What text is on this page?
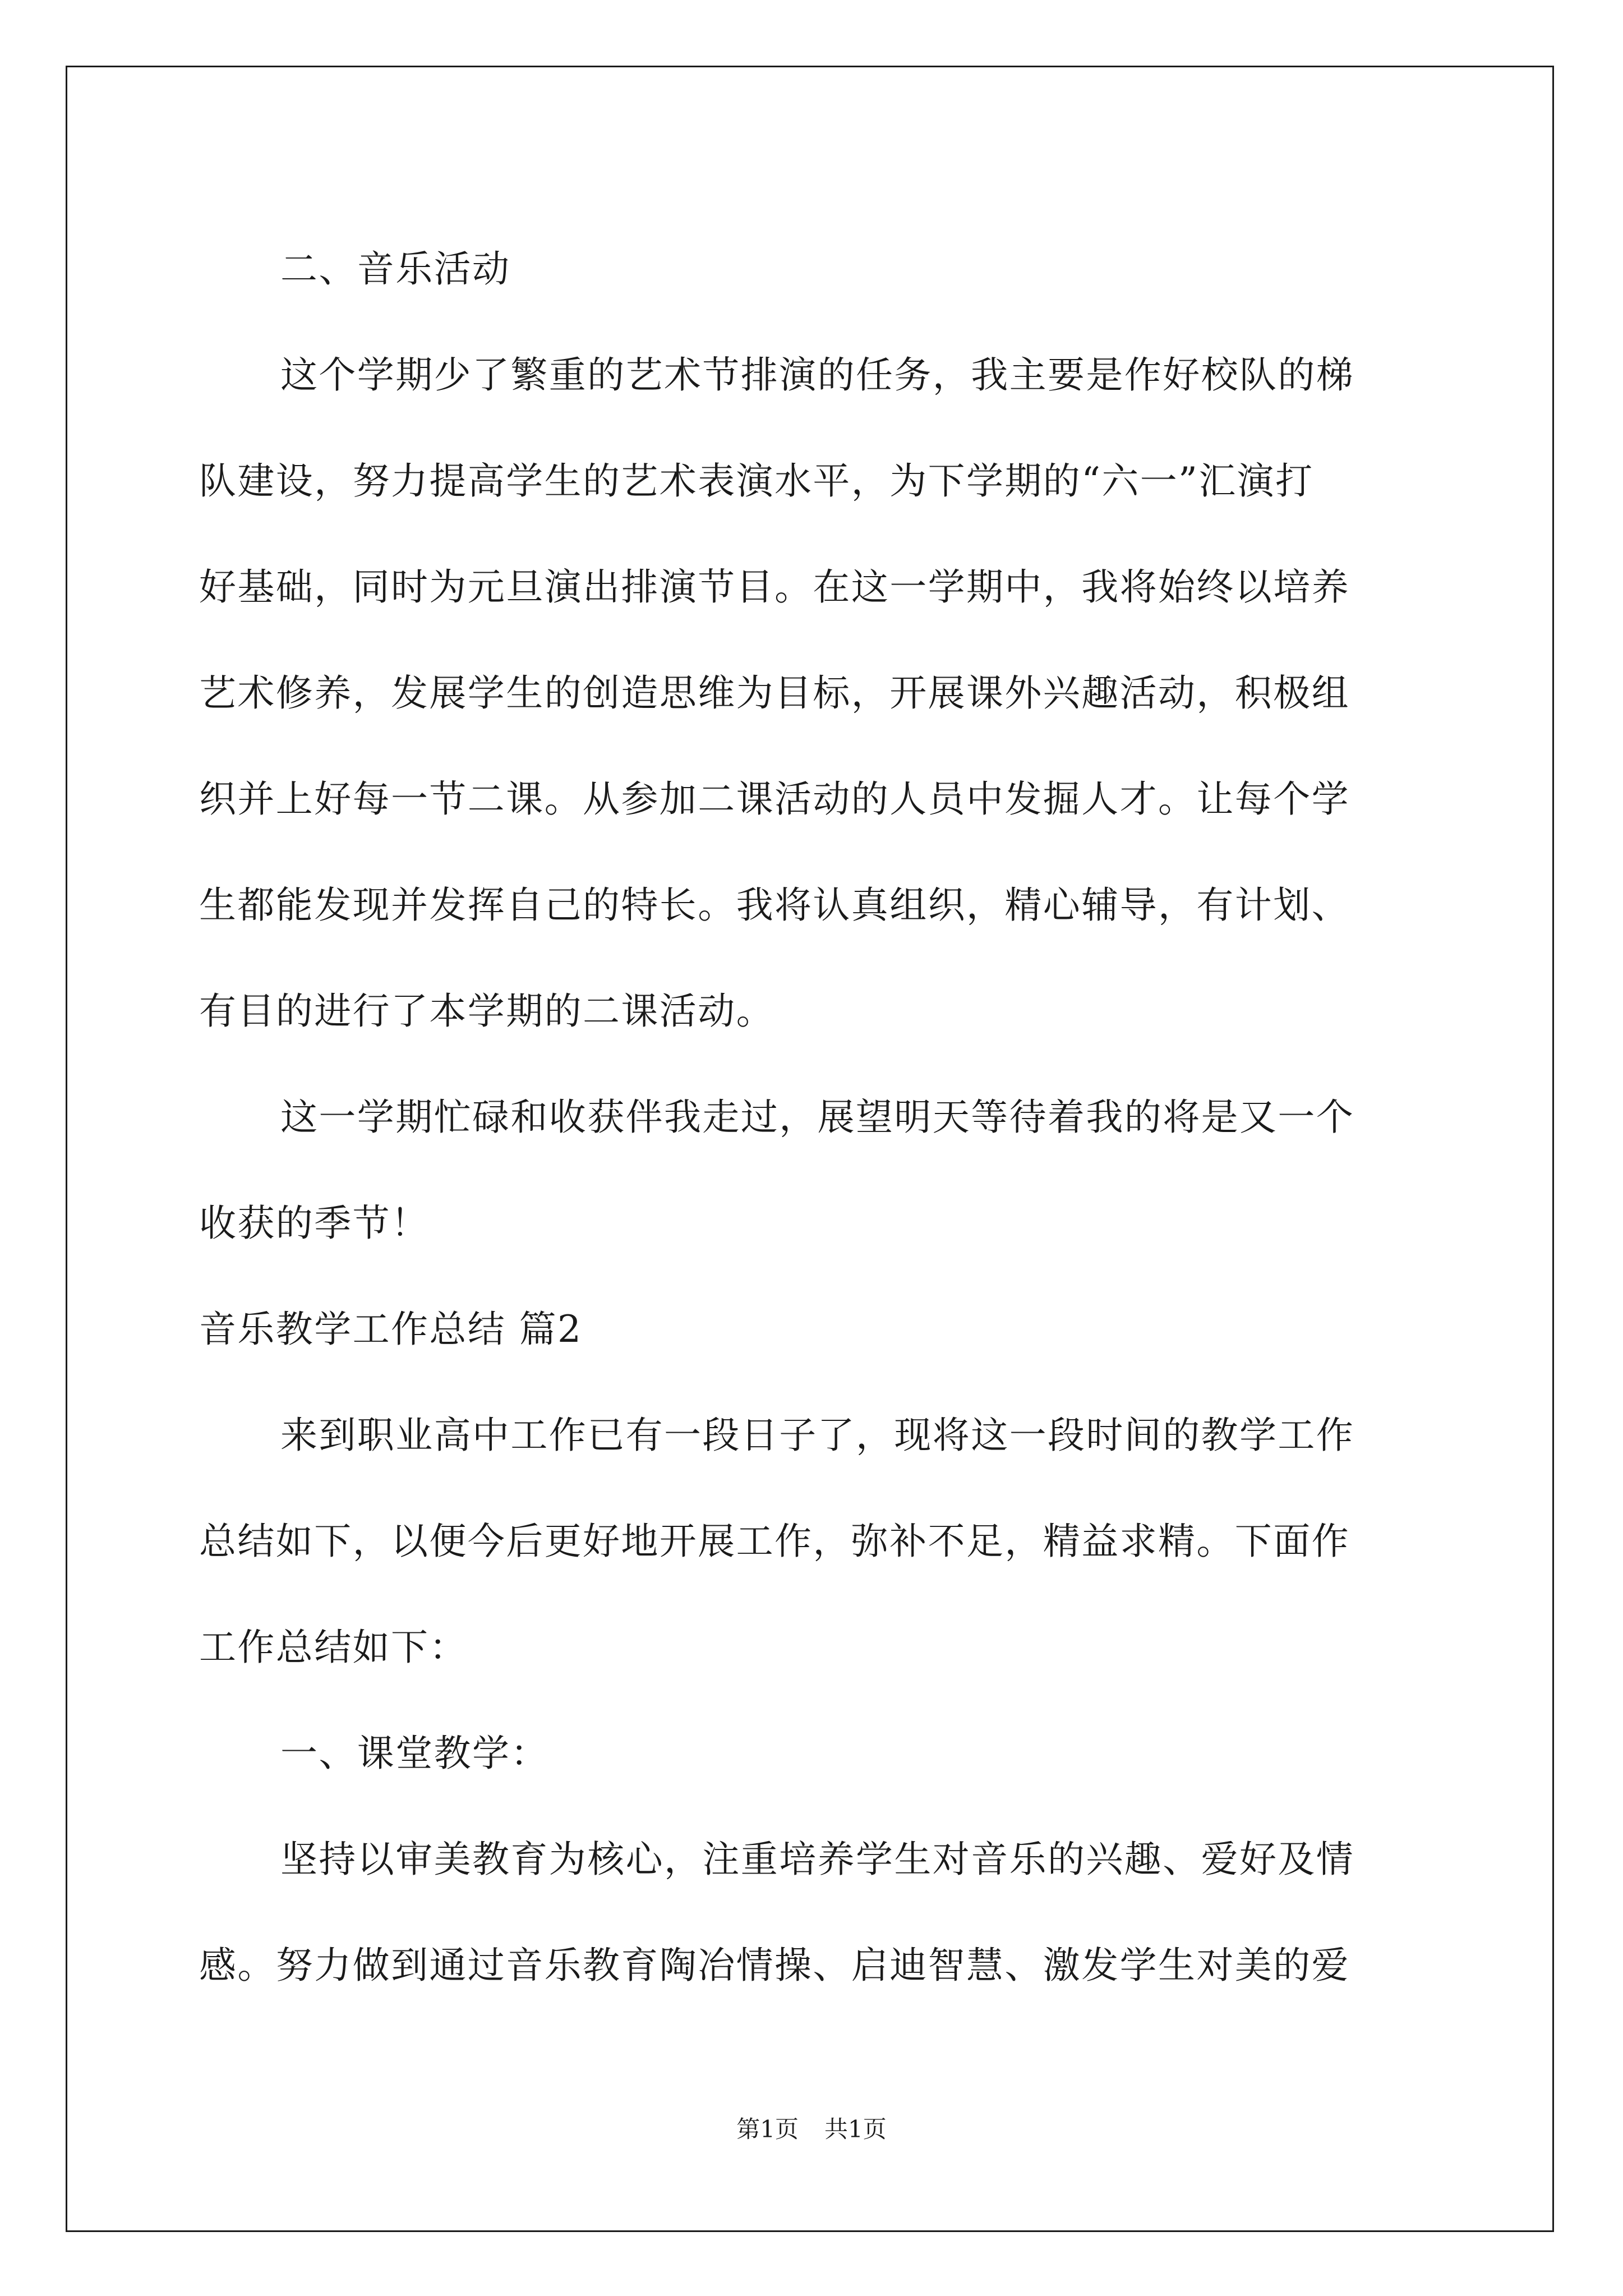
二、音乐活动
这个学期少了繁重的艺术节排演的任务，我主要是作好校队的梯
队建设，努力提高学生的艺术表演水平，为下学期的“六一”汇演打
好基础，同时为元旦演出排演节目。在这一学期中，我将始终以培养
艺术修养，发展学生的创造思维为目标，开展课外兴趣活动，积极组
织并上好每一节二课。从参加二课活动的人员中发掘人才。让每个学
生都能发现并发挥自己的特长。我将认真组织，精心辅导，有计划、
有目的进行了本学期的二课活动。
这一学期忙碌和收获伴我走过，展望明天等待着我的将是又一个
收获的季节！
音乐教学工作总结 篇2
来到职业高中工作已有一段日子了，现将这一段时间的教学工作
总结如下，以便今后更好地开展工作，弥补不足，精益求精。下面作
工作总结如下：
一、课堂教学：
坚持以审美教育为核心，注重培养学生对音乐的兴趣、爱好及情
感。努力做到通过音乐教育陶冶情操、启迪智慧、激发学生对美的爱
第1页 共1页
